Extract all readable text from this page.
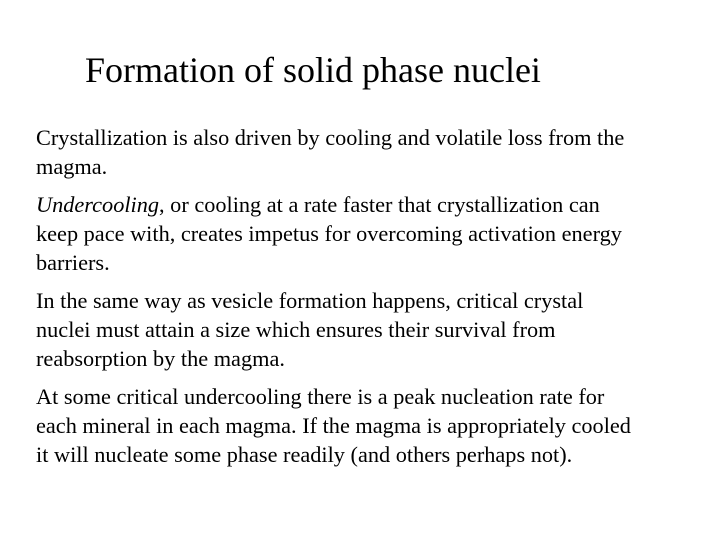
Formation of solid phase nuclei

Crystallization is also driven by cooling and volatile loss from the
magma.

Undercooling, or cooling at a rate faster that crystallization can
keep pace with, creates impetus for overcoming activation energy
barriers.

In the same way as vesicle formation happens, critical crystal
nuclei must attain a size which ensures their survival from
reabsorption by the magma.

At some critical undercooling there is a peak nucleation rate for
each mineral in each magma. If the magma is appropriately cooled
it will nucleate some phase readily (and others perhaps not).
